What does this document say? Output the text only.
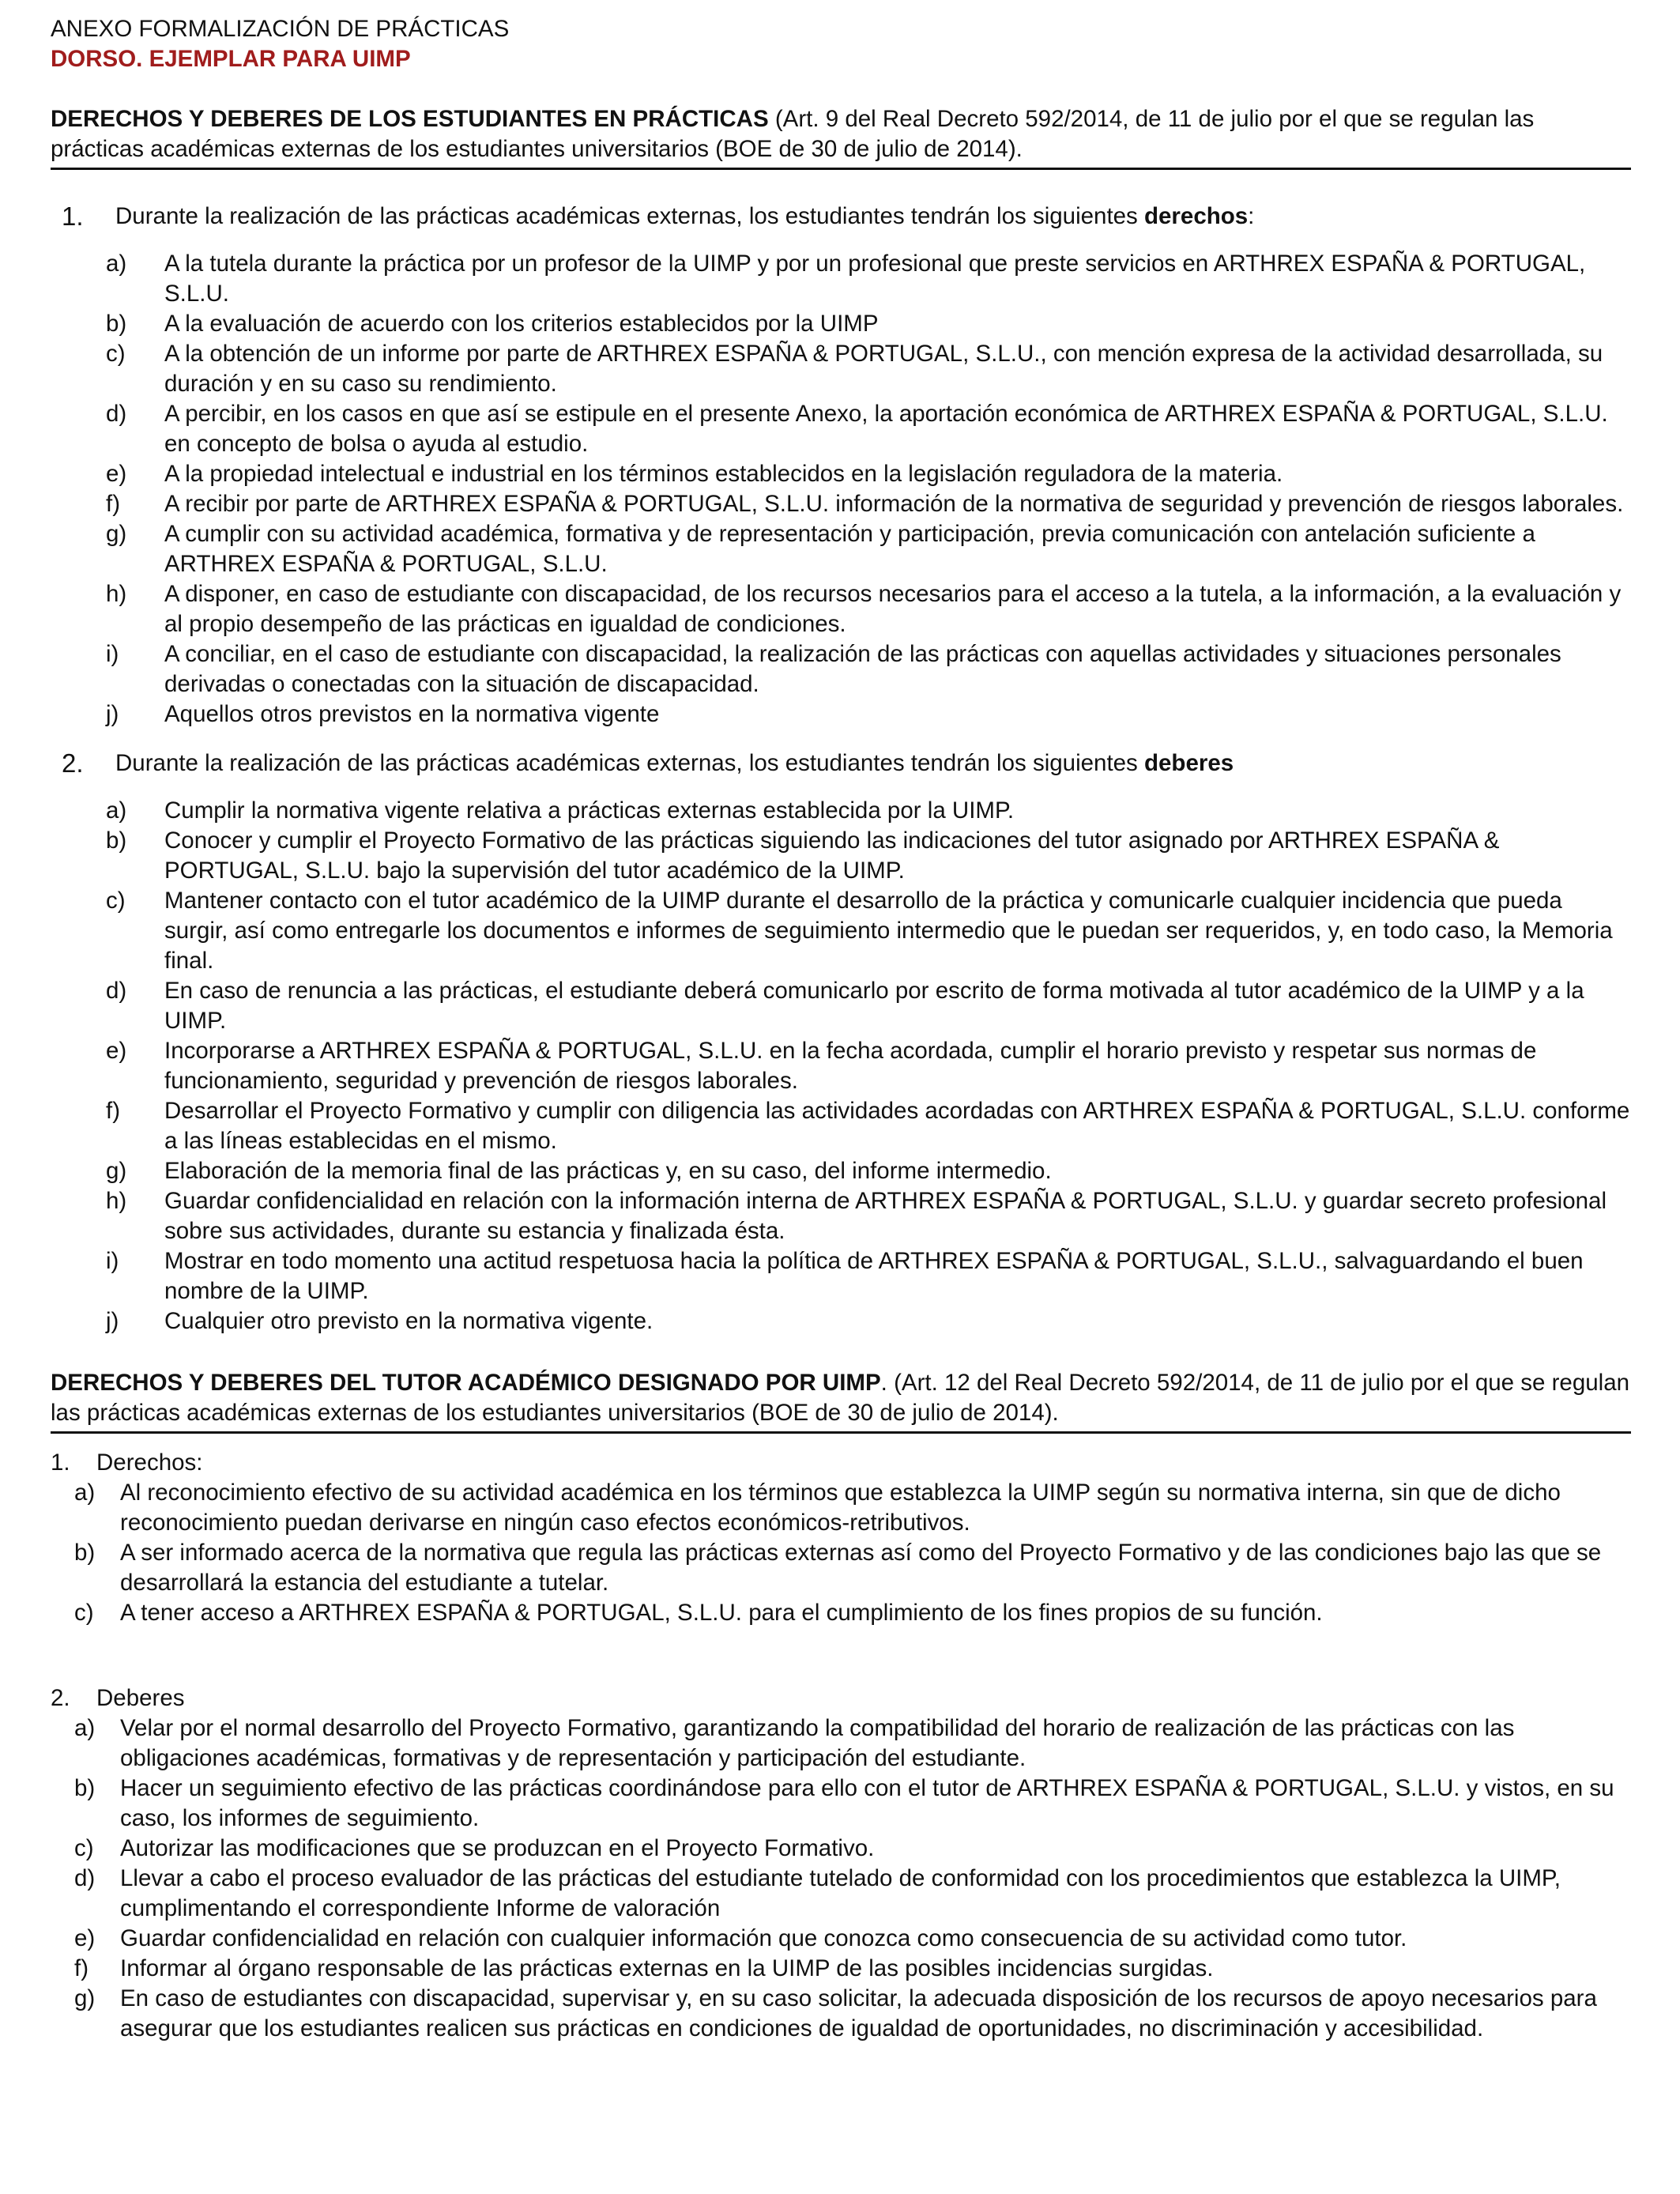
ANEXO FORMALIZACIÓN DE PRÁCTICAS
DORSO. EJEMPLAR PARA UIMP
DERECHOS Y DEBERES DE LOS ESTUDIANTES EN PRÁCTICAS (Art. 9 del Real Decreto 592/2014, de 11 de julio por el que se regulan las prácticas académicas externas de los estudiantes universitarios (BOE de 30 de julio de 2014).
1.	Durante la realización de las prácticas académicas externas, los estudiantes tendrán los siguientes derechos:
a)	A la tutela durante la práctica por un profesor de la UIMP y por un profesional que preste servicios en ARTHREX ESPAÑA & PORTUGAL, S.L.U.
b)	A la evaluación de acuerdo con los criterios establecidos por la UIMP
c)	A la obtención de un informe por parte de ARTHREX ESPAÑA & PORTUGAL, S.L.U., con mención expresa de la actividad desarrollada, su duración y en su caso su rendimiento.
d)	A percibir, en los casos en que así se estipule en el presente Anexo, la aportación económica de ARTHREX ESPAÑA & PORTUGAL, S.L.U. en concepto de bolsa o ayuda al estudio.
e)	A la propiedad intelectual e industrial en los términos establecidos en la legislación reguladora de la materia.
f)	A recibir por parte de ARTHREX ESPAÑA & PORTUGAL, S.L.U. información de la normativa de seguridad y prevención de riesgos laborales.
g)	A cumplir con su actividad académica, formativa y de representación y participación, previa comunicación con antelación suficiente a ARTHREX ESPAÑA & PORTUGAL, S.L.U.
h)	A disponer, en caso de estudiante con discapacidad, de los recursos necesarios para el acceso a la tutela, a la información, a la evaluación y al propio desempeño de las prácticas en igualdad de condiciones.
i)	A conciliar, en el caso de estudiante con discapacidad, la realización de las prácticas con aquellas actividades y situaciones personales derivadas o conectadas con la situación de discapacidad.
j)	Aquellos otros previstos en la normativa vigente
2.	Durante la realización de las prácticas académicas externas, los estudiantes tendrán los siguientes deberes
a)	Cumplir la normativa vigente relativa a prácticas externas establecida por la UIMP.
b)	Conocer y cumplir el Proyecto Formativo de las prácticas siguiendo las indicaciones del tutor asignado por ARTHREX ESPAÑA & PORTUGAL, S.L.U. bajo la supervisión del tutor académico de la UIMP.
c)	Mantener contacto con el tutor académico de la UIMP durante el desarrollo de la práctica y comunicarle cualquier incidencia que pueda surgir, así como entregarle los documentos e informes de seguimiento intermedio que le puedan ser requeridos, y, en todo caso, la Memoria final.
d)	En caso de renuncia a las prácticas, el estudiante deberá comunicarlo por escrito de forma motivada al tutor académico de la UIMP y a la UIMP.
e)	Incorporarse a ARTHREX ESPAÑA & PORTUGAL, S.L.U. en la fecha acordada, cumplir el horario previsto y respetar sus normas de funcionamiento, seguridad y prevención de riesgos laborales.
f)	Desarrollar el Proyecto Formativo y cumplir con diligencia las actividades acordadas con ARTHREX ESPAÑA & PORTUGAL, S.L.U. conforme a las líneas establecidas en el mismo.
g)	Elaboración de la memoria final de las prácticas y, en su caso, del informe intermedio.
h)	Guardar confidencialidad en relación con la información interna de ARTHREX ESPAÑA & PORTUGAL, S.L.U. y guardar secreto profesional sobre sus actividades, durante su estancia y finalizada ésta.
i)	Mostrar en todo momento una actitud respetuosa hacia la política de ARTHREX ESPAÑA & PORTUGAL, S.L.U., salvaguardando el buen nombre de la UIMP.
j)	Cualquier otro previsto en la normativa vigente.
DERECHOS Y DEBERES DEL TUTOR ACADÉMICO DESIGNADO POR UIMP. (Art. 12 del Real Decreto 592/2014, de 11 de julio por el que se regulan las prácticas académicas externas de los estudiantes universitarios (BOE de 30 de julio de 2014).
1.	Derechos:
a)	Al reconocimiento efectivo de su actividad académica en los términos que establezca la UIMP según su normativa interna, sin que de dicho reconocimiento puedan derivarse en ningún caso efectos económicos-retributivos.
b)	A ser informado acerca de la normativa que regula las prácticas externas así como del Proyecto Formativo y de las condiciones bajo las que se desarrollará la estancia del estudiante a tutelar.
c)	A tener acceso a ARTHREX ESPAÑA & PORTUGAL, S.L.U. para el cumplimiento de los fines propios de su función.
2.	Deberes
a)	Velar por el normal desarrollo del Proyecto Formativo, garantizando la compatibilidad del horario de realización de las prácticas con las obligaciones académicas, formativas y de representación y participación del estudiante.
b)	Hacer un seguimiento efectivo de las prácticas coordinándose para ello con el tutor de ARTHREX ESPAÑA & PORTUGAL, S.L.U. y vistos, en su caso, los informes de seguimiento.
c)	Autorizar las modificaciones que se produzcan en el Proyecto Formativo.
d)	Llevar a cabo el proceso evaluador de las prácticas del estudiante tutelado de conformidad con los procedimientos que establezca la UIMP, cumplimentando el correspondiente Informe de valoración
e)	Guardar confidencialidad en relación con cualquier información que conozca como consecuencia de su actividad como tutor.
f)	Informar al órgano responsable de las prácticas externas en la UIMP de las posibles incidencias surgidas.
g)	En caso de estudiantes con discapacidad, supervisar y, en su caso solicitar, la adecuada disposición de los recursos de apoyo necesarios para asegurar que los estudiantes realicen sus prácticas en condiciones de igualdad de oportunidades, no discriminación y accesibilidad.
